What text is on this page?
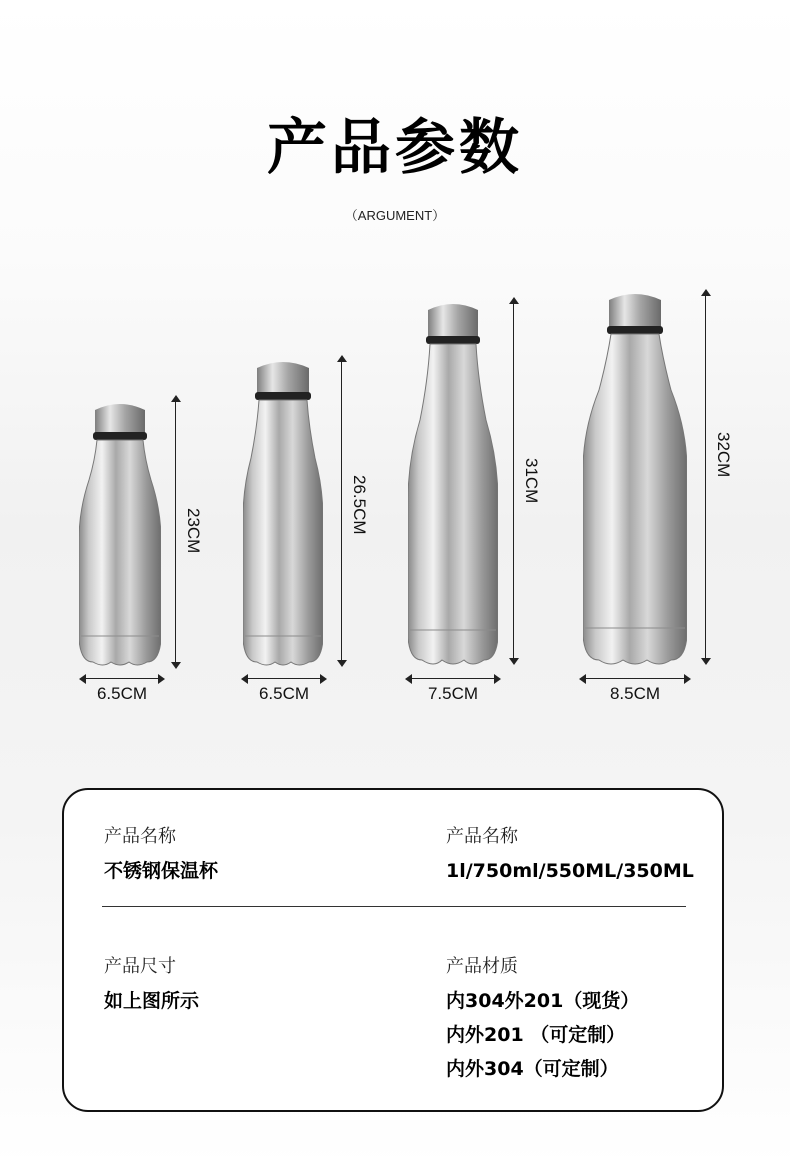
产品参数
（ARGUMENT）
23CM
6.5CM
26.5CM
6.5CM
31CM
7.5CM
32CM
8.5CM
产品名称
不锈钢保温杯
产品名称
1l/750ml/550ML/350ML
产品尺寸
如上图所示
产品材质
内304外201（现货）
内外201 （可定制）
内外304（可定制）
